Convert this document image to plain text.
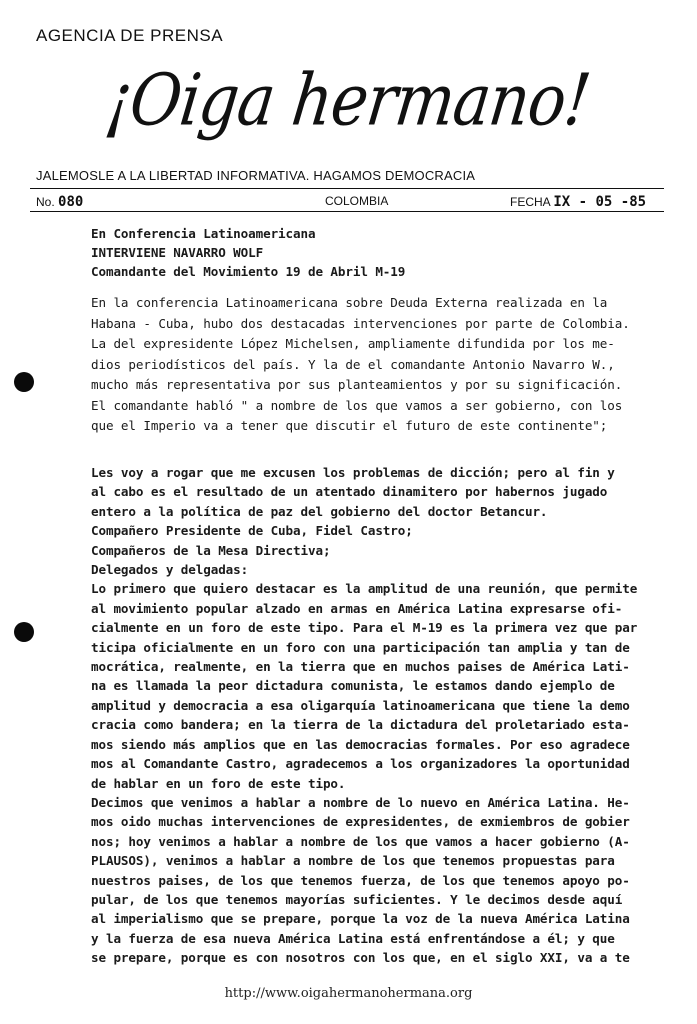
AGENCIA DE PRENSA
¡Oiga hermano!
JALEMOSLE A LA LIBERTAD INFORMATIVA. HAGAMOS DEMOCRACIA
No. 080	COLOMBIA	FECHA IX - 05 -85
En Conferencia Latinoamericana
INTERVIENE NAVARRO WOLF
Comandante del Movimiento 19 de Abril M-19
En la conferencia Latinoamericana sobre Deuda Externa realizada en la
Habana - Cuba, hubo dos destacadas intervenciones por parte de Colombia.
La del expresidente López Michelsen, ampliamente difundida por los me-
dios periodísticos del país. Y la de el comandante Antonio Navarro W.,
mucho más representativa por sus planteamientos y por su significación.
El comandante habló " a nombre de los que vamos a ser gobierno, con los
que el Imperio va a tener que discutir el futuro de este continente";
Les voy a rogar que me excusen los problemas de dicción; pero al fin y
al cabo es el resultado de un atentado dinamitero por habernos jugado
entero a la política de paz del gobierno del doctor Betancur.
Compañero Presidente de Cuba, Fidel Castro;
Compañeros de la Mesa Directiva;
Delegados y delgadas:
Lo primero que quiero destacar es la amplitud de una reunión, que permite
al movimiento popular alzado en armas en América Latina expresarse ofi-
cialmente en un foro de este tipo. Para el M-19 es la primera vez que par
ticipa oficialmente en un foro con una participación tan amplia y tan de
mocrática, realmente, en la tierra que en muchos paises de América Lati-
na es llamada la peor dictadura comunista, le estamos dando ejemplo de
amplitud y democracia a esa oligarquía latinoamericana que tiene la demo
cracia como bandera; en la tierra de la dictadura del proletariado esta-
mos siendo más amplios que en las democracias formales. Por eso agradece
mos al Comandante Castro, agradecemos a los organizadores la oportunidad
de hablar en un foro de este tipo.
Decimos que venimos a hablar a nombre de lo nuevo en América Latina. He-
mos oido muchas intervenciones de expresidentes, de exmiembros de gobier
nos; hoy venimos a hablar a nombre de los que vamos a hacer gobierno (A-
PLAUSOS), venimos a hablar a nombre de los que tenemos propuestas para
nuestros paises, de los que tenemos fuerza, de los que tenemos apoyo po-
pular, de los que tenemos mayorías suficientes. Y le decimos desde aquí
al imperialismo que se prepare, porque la voz de la nueva América Latina
y la fuerza de esa nueva América Latina está enfrentándose a él; y que
se prepare, porque es con nosotros con los que, en el siglo XXI, va a te
http://www.oigahermanohermana.org
